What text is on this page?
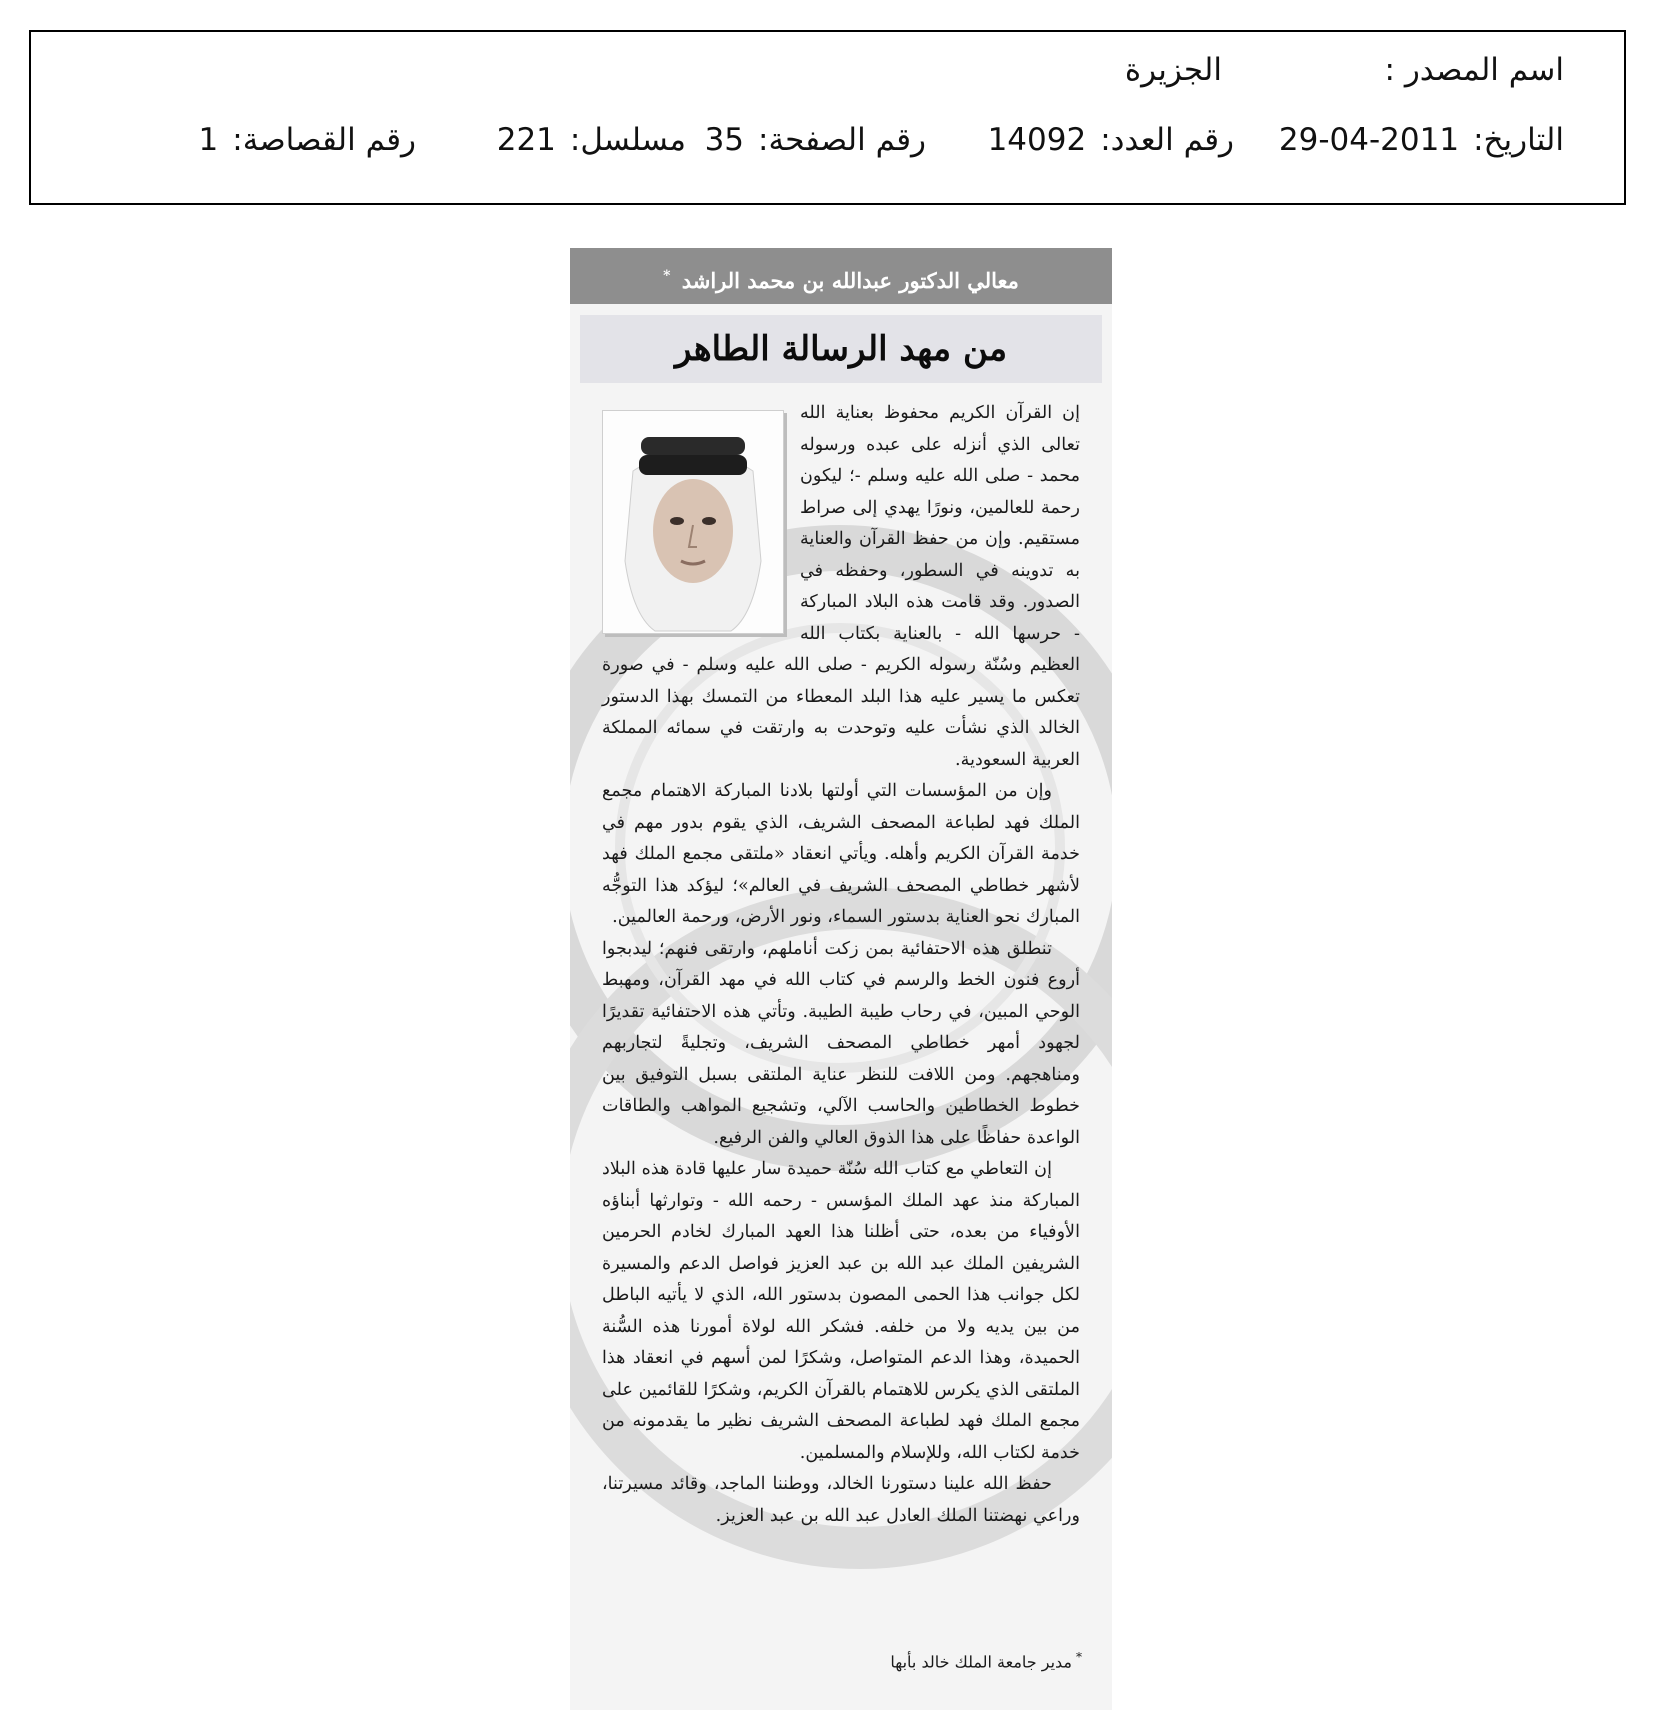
اسم المصدر :
الجزيرة
التاريخ:29-04-2011
رقم العدد:14092
رقم الصفحة:35
مسلسل:221
رقم القصاصة:1
معالي الدكتور عبدالله بن محمد الراشد *
من مهد الرسالة الطاهر

إن القرآن الكريم محفوظ بعناية الله تعالى الذي أنزله على عبده ورسوله محمد - صلى الله عليه وسلم -؛ ليكون رحمة للعالمين، ونورًا يهدي إلى صراط مستقيم. وإن من حفظ القرآن والعناية به تدوينه في السطور، وحفظه في الصدور. وقد قامت هذه البلاد المباركة - حرسها الله - بالعناية بكتاب الله العظيم وسُنّة رسوله الكريم - صلى الله عليه وسلم - في صورة تعكس ما يسير عليه هذا البلد المعطاء من التمسك بهذا الدستور الخالد الذي نشأت عليه وتوحدت به وارتقت في سمائه المملكة العربية السعودية.

وإن من المؤسسات التي أولتها بلادنا المباركة الاهتمام مجمع الملك فهد لطباعة المصحف الشريف، الذي يقوم بدور مهم في خدمة القرآن الكريم وأهله. ويأتي انعقاد «ملتقى مجمع الملك فهد لأشهر خطاطي المصحف الشريف في العالم»؛ ليؤكد هذا التوجُّه المبارك نحو العناية بدستور السماء، ونور الأرض، ورحمة العالمين.

تنطلق هذه الاحتفائية بمن زكت أناملهم، وارتقى فنهم؛ ليدبجوا أروع فنون الخط والرسم في كتاب الله في مهد القرآن، ومهبط الوحي المبين، في رحاب طيبة الطيبة. وتأتي هذه الاحتفائية تقديرًا لجهود أمهر خطاطي المصحف الشريف، وتجليةً لتجاربهم ومناهجهم. ومن اللافت للنظر عناية الملتقى بسبل التوفيق بين خطوط الخطاطين والحاسب الآلي، وتشجيع المواهب والطاقات الواعدة حفاظًا على هذا الذوق العالي والفن الرفيع.

إن التعاطي مع كتاب الله سُنّة حميدة سار عليها قادة هذه البلاد المباركة منذ عهد الملك المؤسس - رحمه الله - وتوارثها أبناؤه الأوفياء من بعده، حتى أظلنا هذا العهد المبارك لخادم الحرمين الشريفين الملك عبد الله بن عبد العزيز فواصل الدعم والمسيرة لكل جوانب هذا الحمى المصون بدستور الله، الذي لا يأتيه الباطل من بين يديه ولا من خلفه. فشكر الله لولاة أمورنا هذه السُّنة الحميدة، وهذا الدعم المتواصل، وشكرًا لمن أسهم في انعقاد هذا الملتقى الذي يكرس للاهتمام بالقرآن الكريم، وشكرًا للقائمين على مجمع الملك فهد لطباعة المصحف الشريف نظير ما يقدمونه من خدمة لكتاب الله، وللإسلام والمسلمين.

حفظ الله علينا دستورنا الخالد، ووطننا الماجد، وقائد مسيرتنا، وراعي نهضتنا الملك العادل عبد الله بن عبد العزيز.

*مدير جامعة الملك خالد بأبها
